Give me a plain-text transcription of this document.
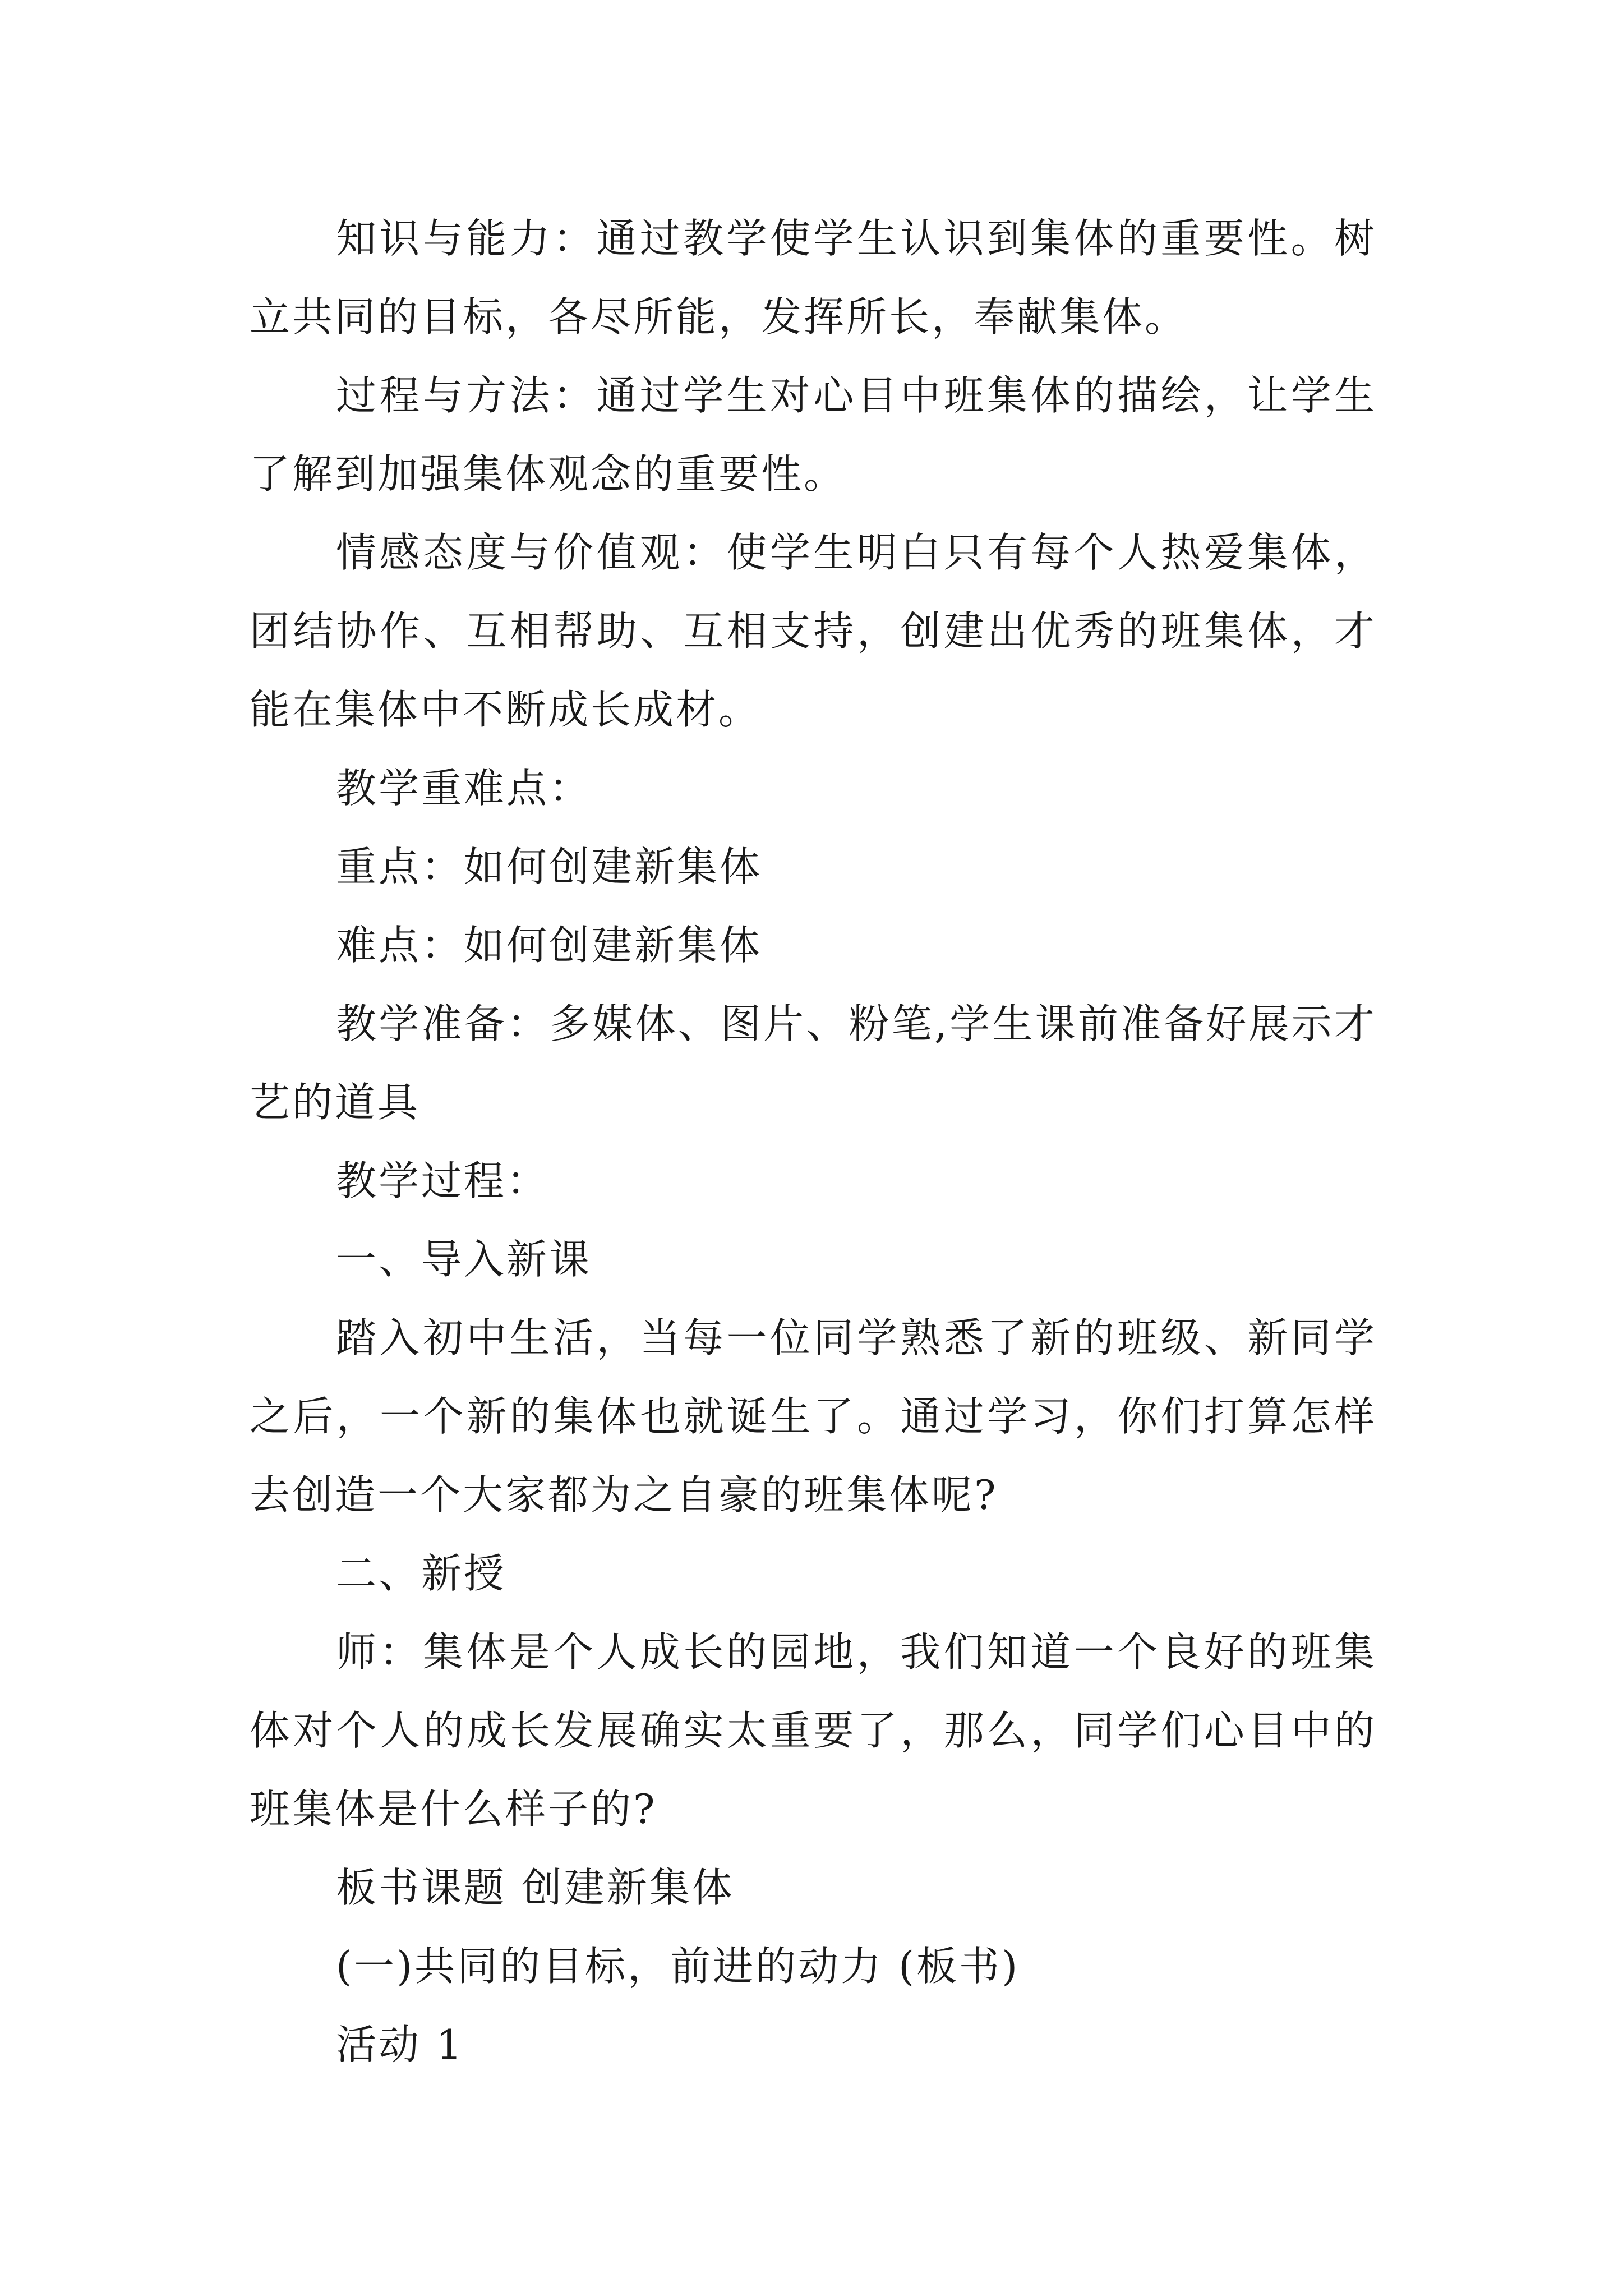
知识与能力：通过教学使学生认识到集体的重要性。树立共同的目标，各尽所能，发挥所长，奉献集体。

过程与方法：通过学生对心目中班集体的描绘，让学生了解到加强集体观念的重要性。

情感态度与价值观：使学生明白只有每个人热爱集体，团结协作、互相帮助、互相支持，创建出优秀的班集体，才能在集体中不断成长成材。

教学重难点：

重点：如何创建新集体

难点：如何创建新集体

教学准备：多媒体、图片、粉笔,学生课前准备好展示才艺的道具

教学过程：

一、导入新课

踏入初中生活，当每一位同学熟悉了新的班级、新同学之后，一个新的集体也就诞生了。通过学习，你们打算怎样去创造一个大家都为之自豪的班集体呢?

二、新授

师：集体是个人成长的园地，我们知道一个良好的班集体对个人的成长发展确实太重要了，那么，同学们心目中的班集体是什么样子的?

板书课题 创建新集体

(一)共同的目标，前进的动力 (板书)

活动 1
